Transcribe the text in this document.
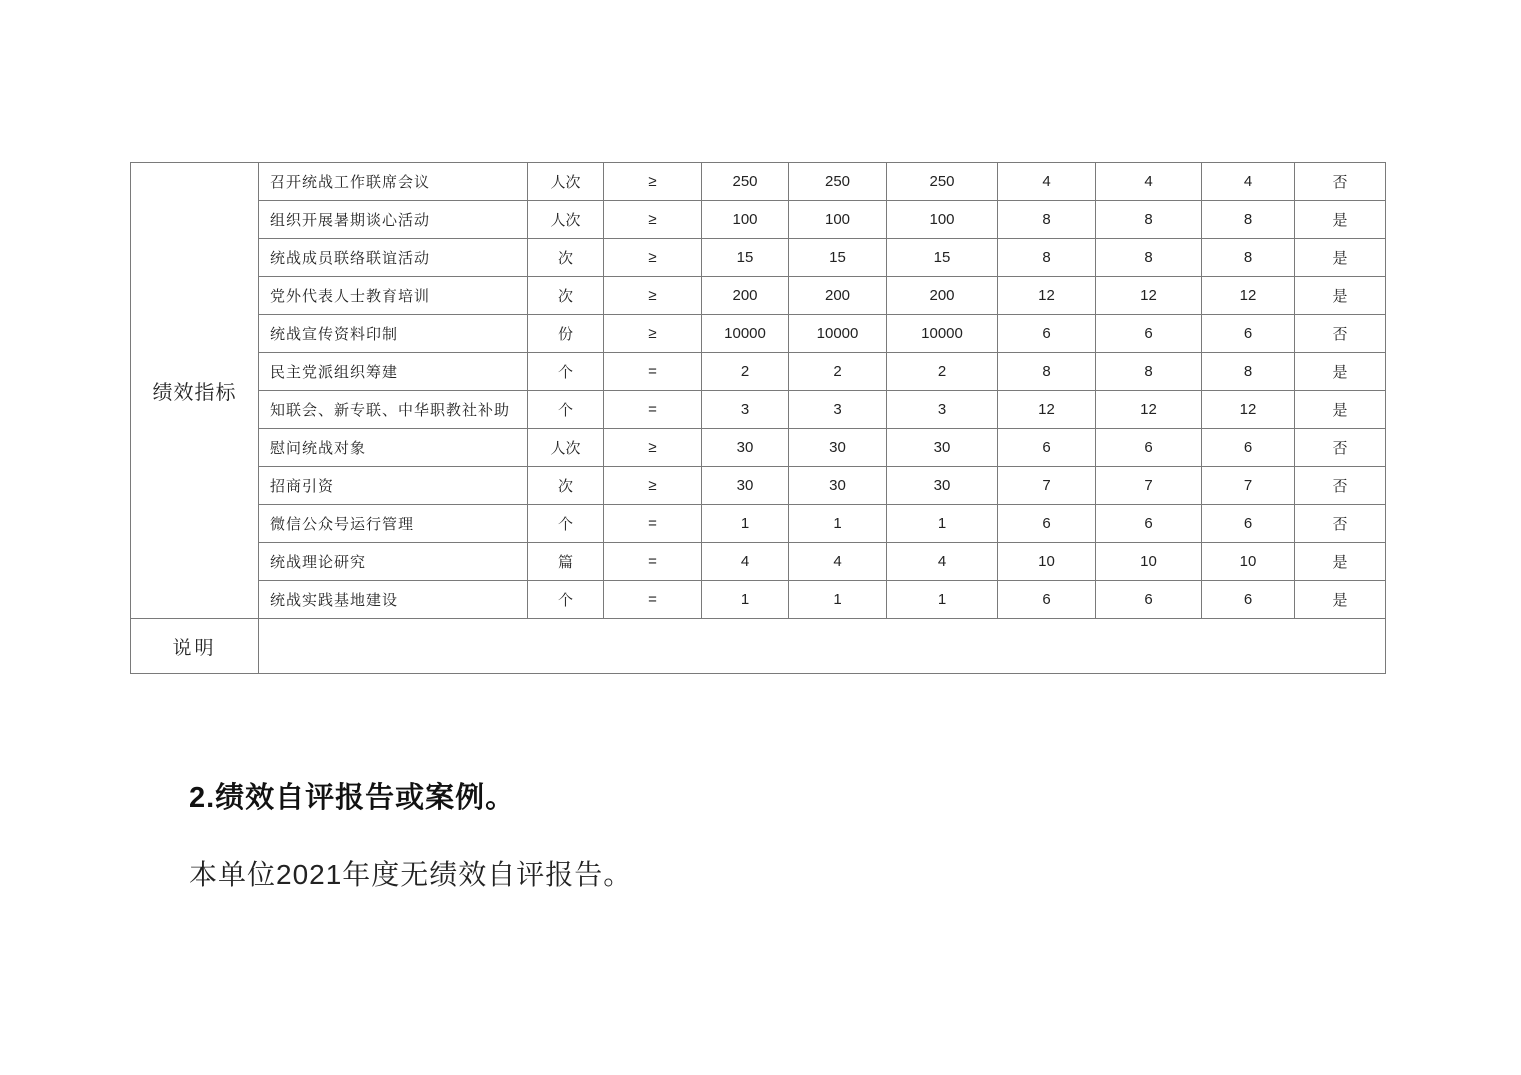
绩效指标	召开统战工作联席会议	人次	≥	250	250	250	4	4	4	否
	组织开展暑期谈心活动	人次	≥	100	100	100	8	8	8	是
	统战成员联络联谊活动	次	≥	15	15	15	8	8	8	是
	党外代表人士教育培训	次	≥	200	200	200	12	12	12	是
	统战宣传资料印制	份	≥	10000	10000	10000	6	6	6	否
	民主党派组织筹建	个	=	2	2	2	8	8	8	是
	知联会、新专联、中华职教社补助	个	=	3	3	3	12	12	12	是
	慰问统战对象	人次	≥	30	30	30	6	6	6	否
	招商引资	次	≥	30	30	30	7	7	7	否
	微信公众号运行管理	个	=	1	1	1	6	6	6	否
	统战理论研究	篇	=	4	4	4	10	10	10	是
	统战实践基地建设	个	=	1	1	1	6	6	6	是
说明										
2.绩效自评报告或案例。
本单位2021年度无绩效自评报告。
